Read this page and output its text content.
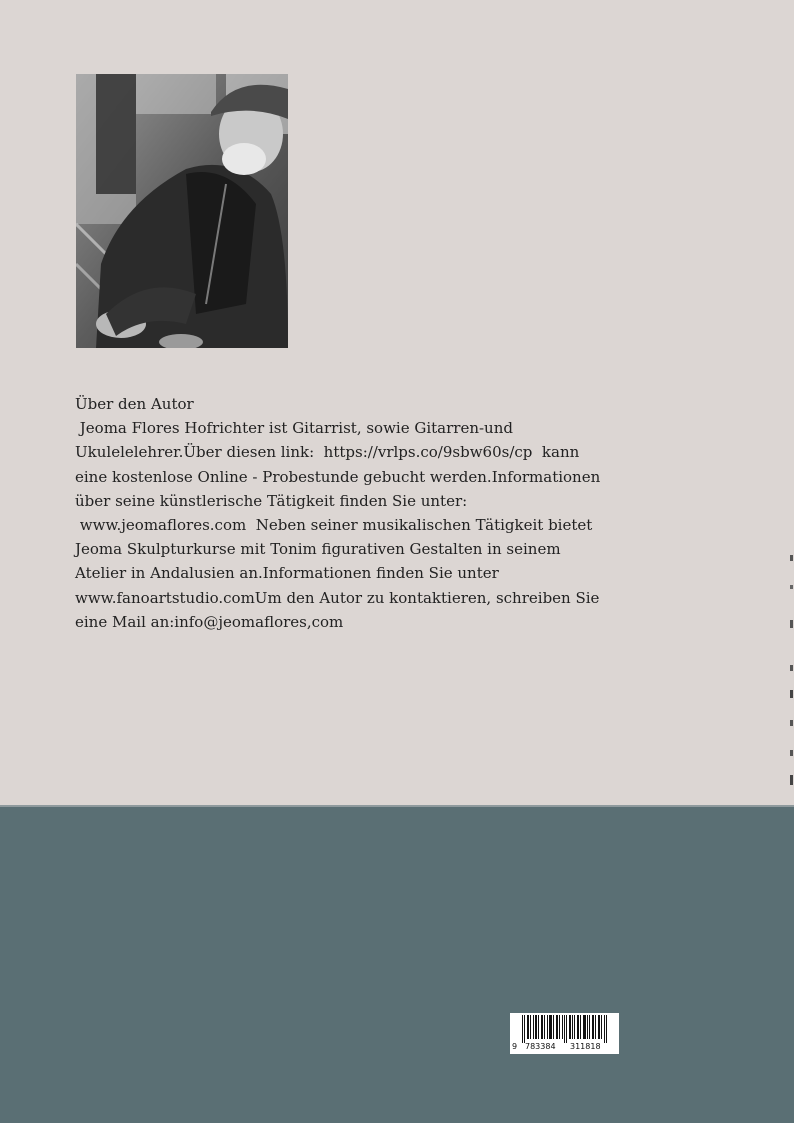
Über den Autor
Jeoma Flores Hofrichter ist Gitarrist, sowie Gitarren-und
Ukulelelehrer.Über diesen link:  https://vrlps.co/9sbw60s/cp  kann
eine kostenlose Online - Probestunde gebucht werden.Informationen
über seine künstlerische Tätigkeit finden Sie unter:
www.jeomaflores.com  Neben seiner musikalischen Tätigkeit bietet
Jeoma Skulpturkurse mit Tonim figurativen Gestalten in seinem
Atelier in Andalusien an.Informationen finden Sie unter
www.fanoartstudio.comUm den Autor zu kontaktieren, schreiben Sie
eine Mail an:info@jeomaflores,com
9 783384 311818
